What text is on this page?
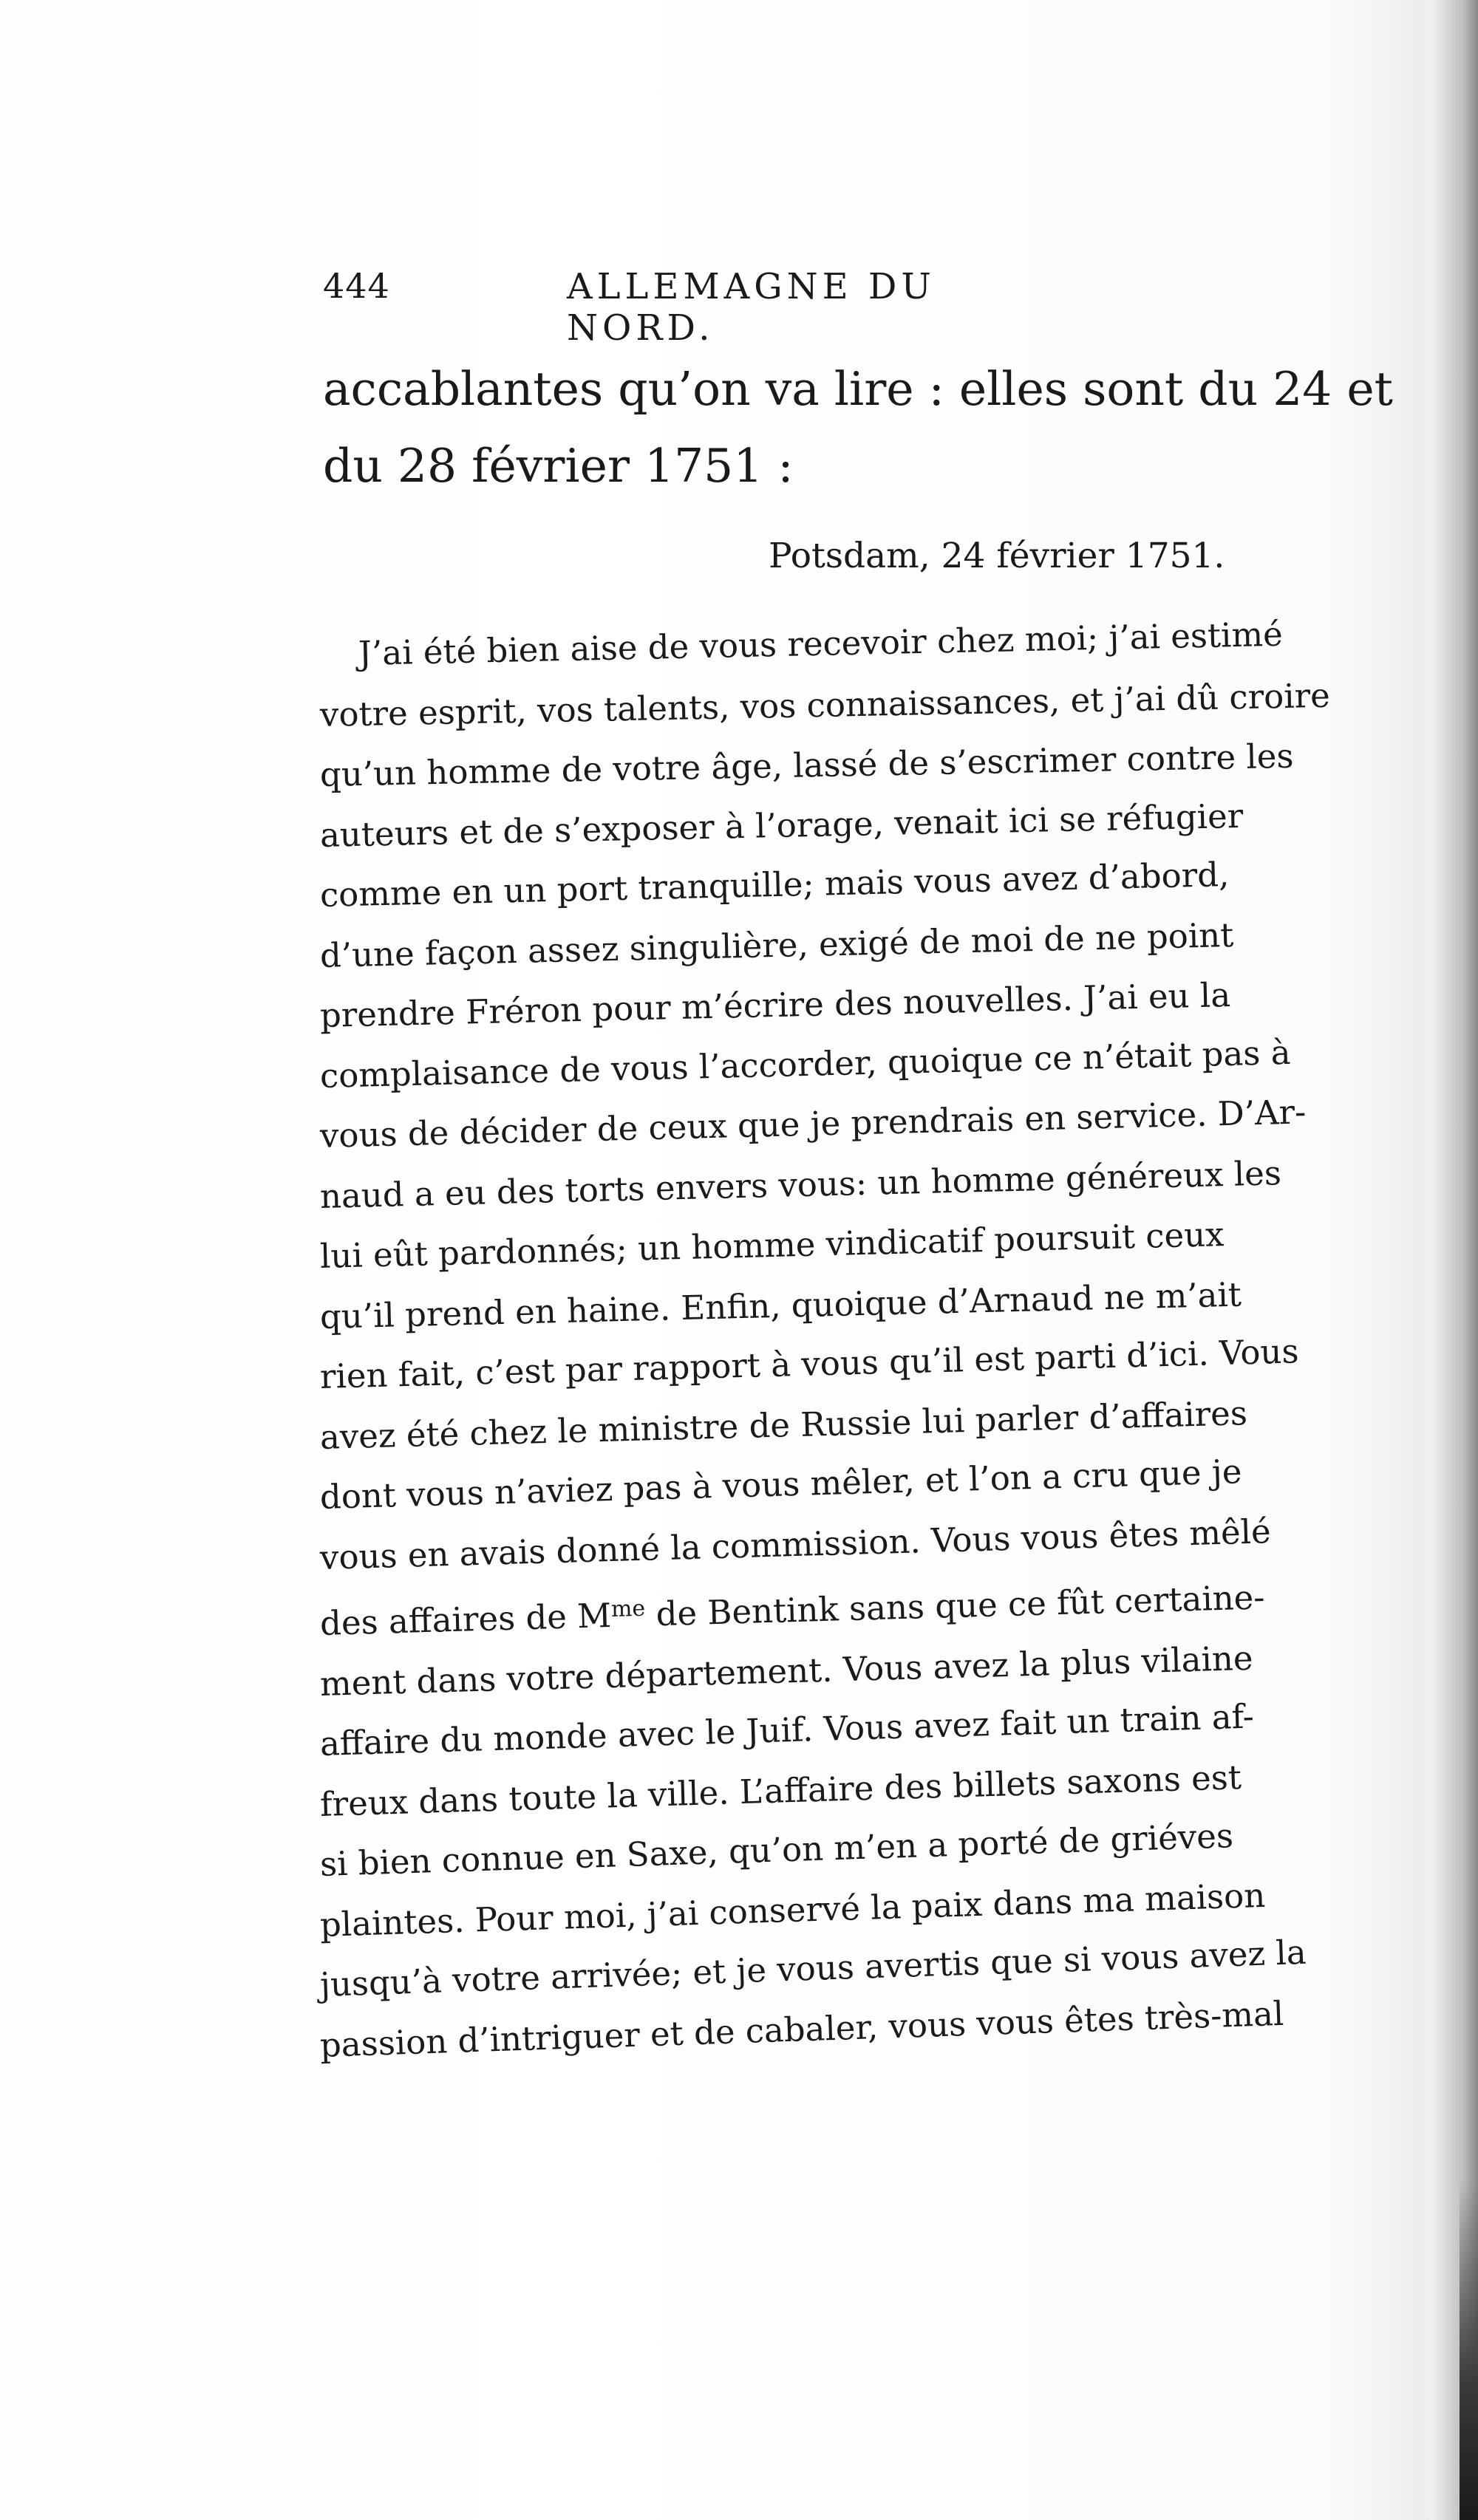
444	ALLEMAGNE DU NORD.
accablantes qu’on va lire : elles sont du 24 et
du 28 février 1751 :
Potsdam, 24 février 1751.
J’ai été bien aise de vous recevoir chez moi; j’ai estimé
votre esprit, vos talents, vos connaissances, et j’ai dû croire
qu’un homme de votre âge, lassé de s’escrimer contre les
auteurs et de s’exposer à l’orage, venait ici se réfugier
comme en un port tranquille; mais vous avez d’abord,
d’une façon assez singulière, exigé de moi de ne point
prendre Fréron pour m’écrire des nouvelles. J’ai eu la
complaisance de vous l’accorder, quoique ce n’était pas à
vous de décider de ceux que je prendrais en service. D’Ar-
naud a eu des torts envers vous: un homme généreux les
lui eût pardonnés; un homme vindicatif poursuit ceux
qu’il prend en haine. Enfin, quoique d’Arnaud ne m’ait
rien fait, c’est par rapport à vous qu’il est parti d’ici. Vous
avez été chez le ministre de Russie lui parler d’affaires
dont vous n’aviez pas à vous mêler, et l’on a cru que je
vous en avais donné la commission. Vous vous êtes mêlé
des affaires de $M^{me}$ de Bentink sans que ce fût certaine-
ment dans votre département. Vous avez la plus vilaine
affaire du monde avec le Juif. Vous avez fait un train af-
freux dans toute la ville. L’affaire des billets saxons est
si bien connue en Saxe, qu’on m’en a porté de griéves
plaintes. Pour moi, j’ai conservé la paix dans ma maison
jusqu’à votre arrivée; et je vous avertis que si vous avez la
passion d’intriguer et de cabaler, vous vous êtes très-mal
